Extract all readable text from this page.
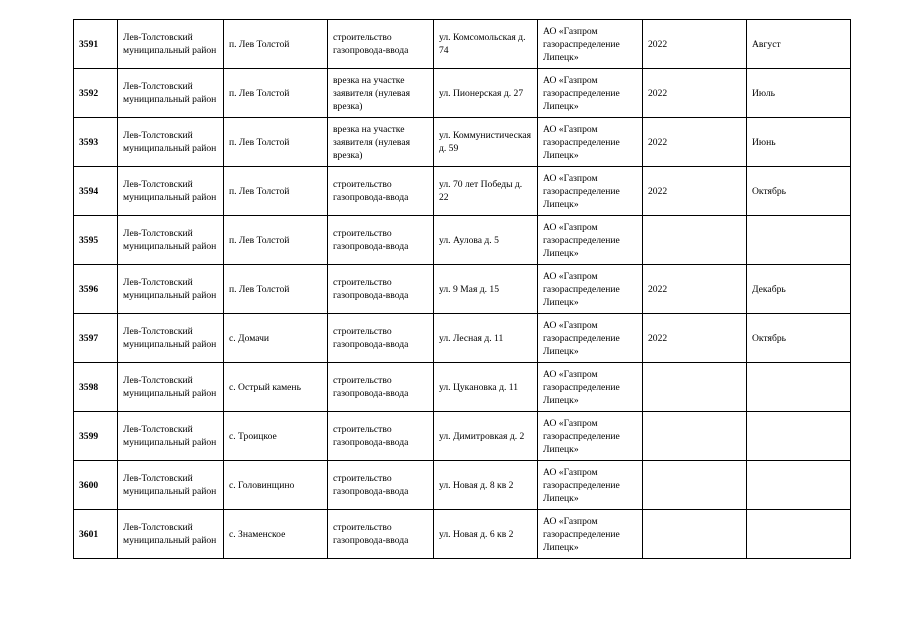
3591	Лев-Толстовский муниципальный район	п. Лев Толстой	строительство газопровода-ввода	ул. Комсомольская д. 74	АО «Газпром газораспределение Липецк»	2022	Август
3592	Лев-Толстовский муниципальный район	п. Лев Толстой	врезка на участке заявителя (нулевая врезка)	ул. Пионерская д. 27	АО «Газпром газораспределение Липецк»	2022	Июль
3593	Лев-Толстовский муниципальный район	п. Лев Толстой	врезка на участке заявителя (нулевая врезка)	ул. Коммунистическая д. 59	АО «Газпром газораспределение Липецк»	2022	Июнь
3594	Лев-Толстовский муниципальный район	п. Лев Толстой	строительство газопровода-ввода	ул. 70 лет Победы д. 22	АО «Газпром газораспределение Липецк»	2022	Октябрь
3595	Лев-Толстовский муниципальный район	п. Лев Толстой	строительство газопровода-ввода	ул. Аулова д. 5	АО «Газпром газораспределение Липецк»		
3596	Лев-Толстовский муниципальный район	п. Лев Толстой	строительство газопровода-ввода	ул. 9 Мая д. 15	АО «Газпром газораспределение Липецк»	2022	Декабрь
3597	Лев-Толстовский муниципальный район	с. Домачи	строительство газопровода-ввода	ул. Лесная д. 11	АО «Газпром газораспределение Липецк»	2022	Октябрь
3598	Лев-Толстовский муниципальный район	с. Острый камень	строительство газопровода-ввода	ул. Цукановка д. 11	АО «Газпром газораспределение Липецк»		
3599	Лев-Толстовский муниципальный район	с. Троицкое	строительство газопровода-ввода	ул. Димитровкая д. 2	АО «Газпром газораспределение Липецк»		
3600	Лев-Толстовский муниципальный район	с. Головинщино	строительство газопровода-ввода	ул. Новая д. 8 кв 2	АО «Газпром газораспределение Липецк»		
3601	Лев-Толстовский муниципальный район	с. Знаменское	строительство газопровода-ввода	ул. Новая д. 6 кв 2	АО «Газпром газораспределение Липецк»		
